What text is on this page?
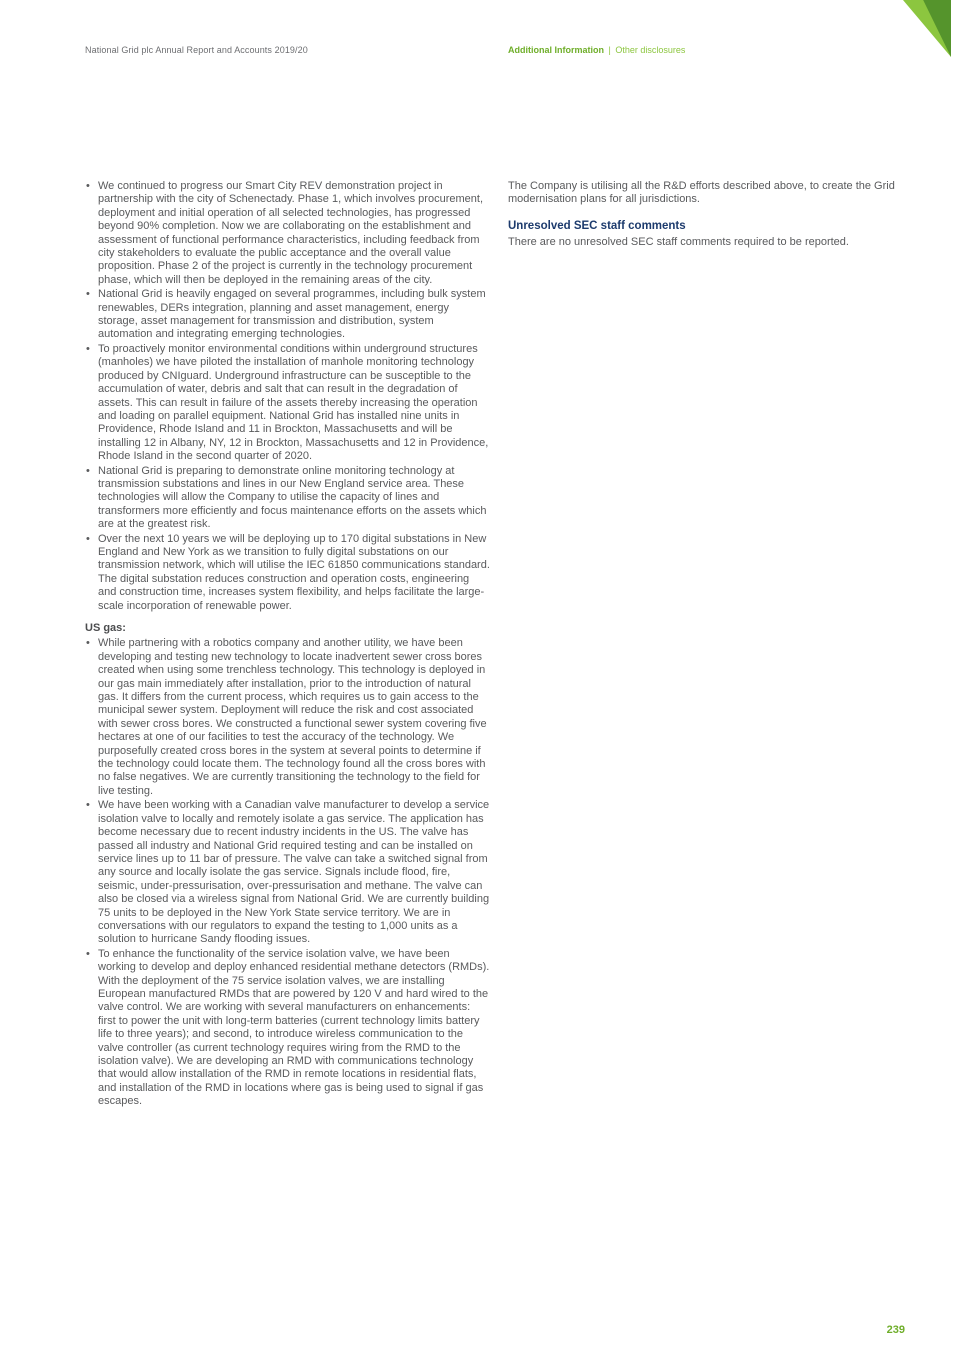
National Grid plc Annual Report and Accounts 2019/20	Additional Information | Other disclosures
• We continued to progress our Smart City REV demonstration project in partnership with the city of Schenectady. Phase 1, which involves procurement, deployment and initial operation of all selected technologies, has progressed beyond 90% completion. Now we are collaborating on the establishment and assessment of functional performance characteristics, including feedback from city stakeholders to evaluate the public acceptance and the overall value proposition. Phase 2 of the project is currently in the technology procurement phase, which will then be deployed in the remaining areas of the city.
• National Grid is heavily engaged on several programmes, including bulk system renewables, DERs integration, planning and asset management, energy storage, asset management for transmission and distribution, system automation and integrating emerging technologies.
• To proactively monitor environmental conditions within underground structures (manholes) we have piloted the installation of manhole monitoring technology produced by CNIguard. Underground infrastructure can be susceptible to the accumulation of water, debris and salt that can result in the degradation of assets. This can result in failure of the assets thereby increasing the operation and loading on parallel equipment. National Grid has installed nine units in Providence, Rhode Island and 11 in Brockton, Massachusetts and will be installing 12 in Albany, NY, 12 in Brockton, Massachusetts and 12 in Providence, Rhode Island in the second quarter of 2020.
• National Grid is preparing to demonstrate online monitoring technology at transmission substations and lines in our New England service area. These technologies will allow the Company to utilise the capacity of lines and transformers more efficiently and focus maintenance efforts on the assets which are at the greatest risk.
• Over the next 10 years we will be deploying up to 170 digital substations in New England and New York as we transition to fully digital substations on our transmission network, which will utilise the IEC 61850 communications standard. The digital substation reduces construction and operation costs, engineering and construction time, increases system flexibility, and helps facilitate the large-scale incorporation of renewable power.
US gas:
• While partnering with a robotics company and another utility, we have been developing and testing new technology to locate inadvertent sewer cross bores created when using some trenchless technology. This technology is deployed in our gas main immediately after installation, prior to the introduction of natural gas. It differs from the current process, which requires us to gain access to the municipal sewer system. Deployment will reduce the risk and cost associated with sewer cross bores. We constructed a functional sewer system covering five hectares at one of our facilities to test the accuracy of the technology. We purposefully created cross bores in the system at several points to determine if the technology could locate them. The technology found all the cross bores with no false negatives. We are currently transitioning the technology to the field for live testing.
• We have been working with a Canadian valve manufacturer to develop a service isolation valve to locally and remotely isolate a gas service. The application has become necessary due to recent industry incidents in the US. The valve has passed all industry and National Grid required testing and can be installed on service lines up to 11 bar of pressure. The valve can take a switched signal from any source and locally isolate the gas service. Signals include flood, fire, seismic, under-pressurisation, over-pressurisation and methane. The valve can also be closed via a wireless signal from National Grid. We are currently building 75 units to be deployed in the New York State service territory. We are in conversations with our regulators to expand the testing to 1,000 units as a solution to hurricane Sandy flooding issues.
• To enhance the functionality of the service isolation valve, we have been working to develop and deploy enhanced residential methane detectors (RMDs). With the deployment of the 75 service isolation valves, we are installing European manufactured RMDs that are powered by 120 V and hard wired to the valve control. We are working with several manufacturers on enhancements: first to power the unit with long-term batteries (current technology limits battery life to three years); and second, to introduce wireless communication to the valve controller (as current technology requires wiring from the RMD to the isolation valve). We are developing an RMD with communications technology that would allow installation of the RMD in remote locations in residential flats, and installation of the RMD in locations where gas is being used to signal if gas escapes.

The Company is utilising all the R&D efforts described above, to create the Grid modernisation plans for all jurisdictions.

Unresolved SEC staff comments

There are no unresolved SEC staff comments required to be reported.

239
